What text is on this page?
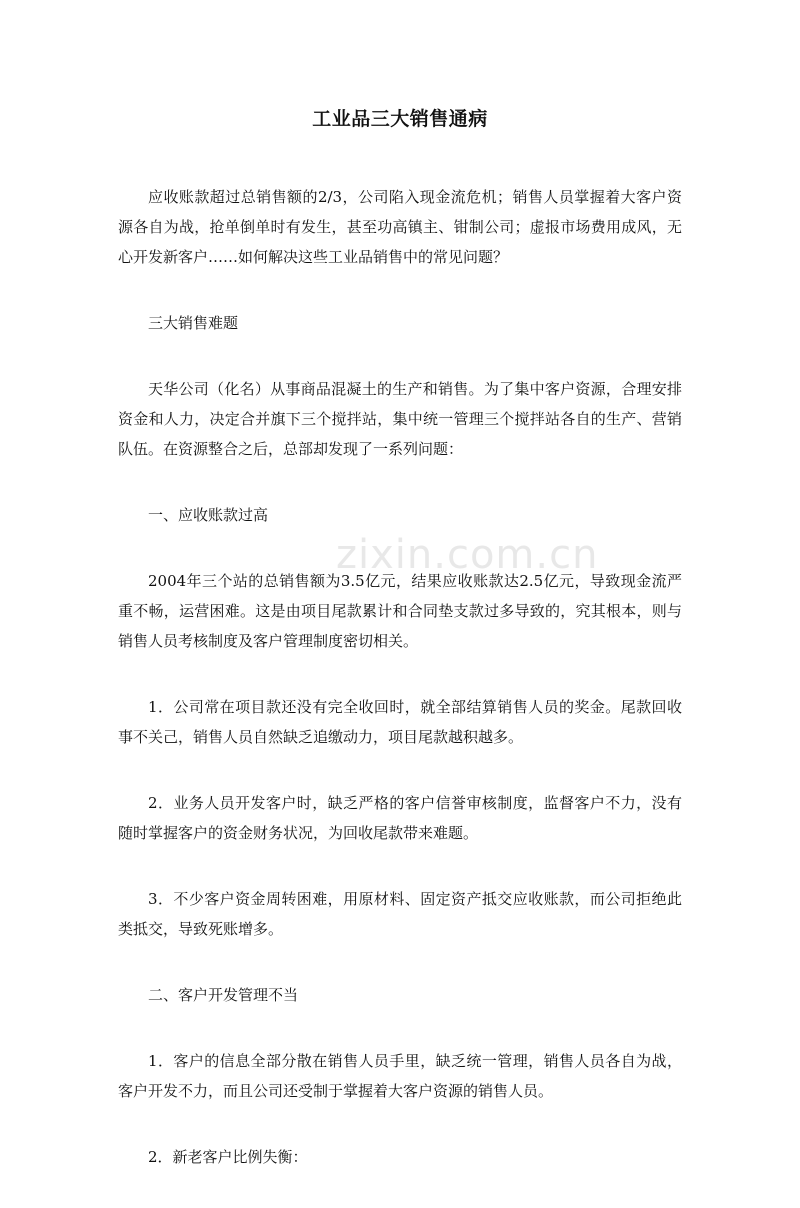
工业品三大销售通病

应收账款超过总销售额的2/3，公司陷入现金流危机；销售人员掌握着大客户资源各自为战，抢单倒单时有发生，甚至功高镇主、钳制公司；虚报市场费用成风，无心开发新客户……如何解决这些工业品销售中的常见问题？

三大销售难题

天华公司（化名）从事商品混凝土的生产和销售。为了集中客户资源，合理安排资金和人力，决定合并旗下三个搅拌站，集中统一管理三个搅拌站各自的生产、营销队伍。在资源整合之后，总部却发现了一系列问题：

一、应收账款过高

2004年三个站的总销售额为3.5亿元，结果应收账款达2.5亿元，导致现金流严重不畅，运营困难。这是由项目尾款累计和合同垫支款过多导致的，究其根本，则与销售人员考核制度及客户管理制度密切相关。

1．公司常在项目款还没有完全收回时，就全部结算销售人员的奖金。尾款回收事不关己，销售人员自然缺乏追缴动力，项目尾款越积越多。

2．业务人员开发客户时，缺乏严格的客户信誉审核制度，监督客户不力，没有随时掌握客户的资金财务状况，为回收尾款带来难题。

3．不少客户资金周转困难，用原材料、固定资产抵交应收账款，而公司拒绝此类抵交，导致死账增多。

二、客户开发管理不当

1．客户的信息全部分散在销售人员手里，缺乏统一管理，销售人员各自为战，客户开发不力，而且公司还受制于掌握着大客户资源的销售人员。

2．新老客户比例失衡：

zixin.com.cn
